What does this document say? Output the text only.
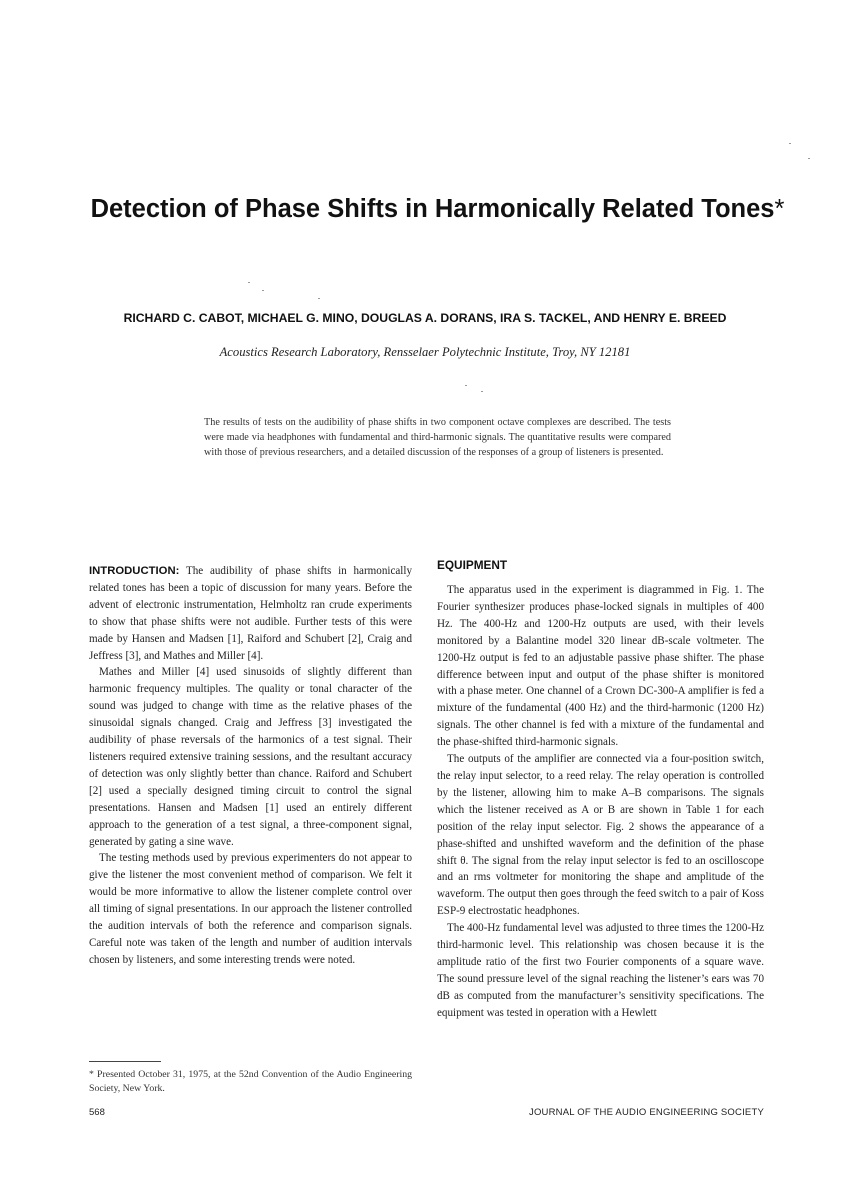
Detection of Phase Shifts in Harmonically Related Tones*
RICHARD C. CABOT, MICHAEL G. MINO, DOUGLAS A. DORANS, IRA S. TACKEL, AND HENRY E. BREED
Acoustics Research Laboratory, Rensselaer Polytechnic Institute, Troy, NY 12181
The results of tests on the audibility of phase shifts in two component octave complexes are described. The tests were made via headphones with fundamental and third-harmonic signals. The quantitative results were compared with those of previous researchers, and a detailed discussion of the responses of a group of listeners is presented.

INTRODUCTION: The audibility of phase shifts in harmonically related tones has been a topic of discussion for many years. Before the advent of electronic instrumentation, Helmholtz ran crude experiments to show that phase shifts were not audible. Further tests of this were made by Hansen and Madsen [1], Raiford and Schubert [2], Craig and Jeffress [3], and Mathes and Miller [4].

Mathes and Miller [4] used sinusoids of slightly different than harmonic frequency multiples. The quality or tonal character of the sound was judged to change with time as the relative phases of the sinusoidal signals changed. Craig and Jeffress [3] investigated the audibility of phase reversals of the harmonics of a test signal. Their listeners required extensive training sessions, and the resultant accuracy of detection was only slightly better than chance. Raiford and Schubert [2] used a specially designed timing circuit to control the signal presentations. Hansen and Madsen [1] used an entirely different approach to the generation of a test signal, a three-component signal, generated by gating a sine wave.

The testing methods used by previous experimenters do not appear to give the listener the most convenient method of comparison. We felt it would be more informative to allow the listener complete control over all timing of signal presentations. In our approach the listener controlled the audition intervals of both the reference and comparison signals. Careful note was taken of the length and number of audition intervals chosen by listeners, and some interesting trends were noted.

EQUIPMENT

The apparatus used in the experiment is diagrammed in Fig. 1. The Fourier synthesizer produces phase-locked signals in multiples of 400 Hz. The 400-Hz and 1200-Hz outputs are used, with their levels monitored by a Balantine model 320 linear dB-scale voltmeter. The 1200-Hz output is fed to an adjustable passive phase shifter. The phase difference between input and output of the phase shifter is monitored with a phase meter. One channel of a Crown DC-300-A amplifier is fed a mixture of the fundamental (400 Hz) and the third-harmonic (1200 Hz) signals. The other channel is fed with a mixture of the fundamental and the phase-shifted third-harmonic signals.

The outputs of the amplifier are connected via a four-position switch, the relay input selector, to a reed relay. The relay operation is controlled by the listener, allowing him to make A–B comparisons. The signals which the listener received as A or B are shown in Table 1 for each position of the relay input selector. Fig. 2 shows the appearance of a phase-shifted and unshifted waveform and the definition of the phase shift θ. The signal from the relay input selector is fed to an oscilloscope and an rms voltmeter for monitoring the shape and amplitude of the waveform. The output then goes through the feed switch to a pair of Koss ESP-9 electrostatic headphones.

The 400-Hz fundamental level was adjusted to three times the 1200-Hz third-harmonic level. This relationship was chosen because it is the amplitude ratio of the first two Fourier components of a square wave. The sound pressure level of the signal reaching the listener’s ears was 70 dB as computed from the manufacturer’s sensitivity specifications. The equipment was tested in operation with a Hewlett

* Presented October 31, 1975, at the 52nd Convention of the Audio Engineering Society, New York.
568	JOURNAL OF THE AUDIO ENGINEERING SOCIETY
